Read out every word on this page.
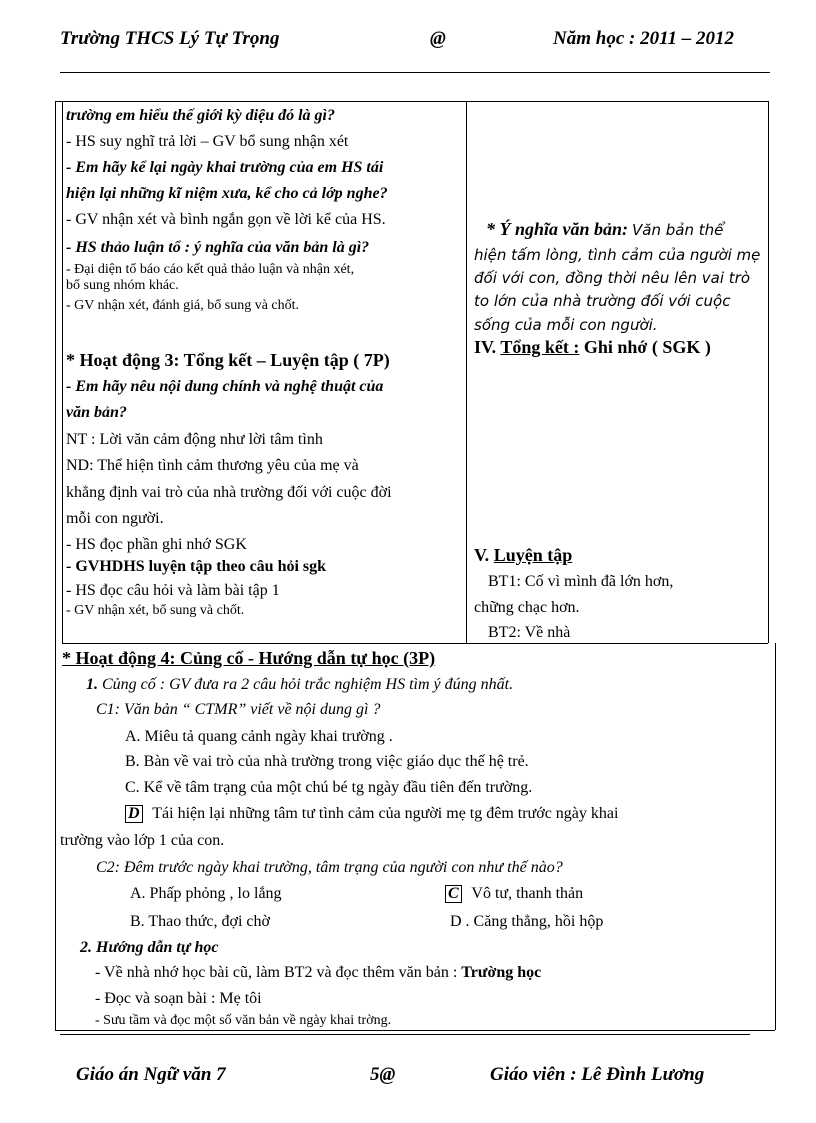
Trường THCS Lý Tự Trọng	@	Năm học : 2011 – 2012
trường em hiểu thế giới kỳ diệu đó là gì?
- HS suy nghĩ trả lời – GV bổ sung nhận xét
- Em hãy kể lại ngày khai trường của em HS tái
hiện lại những kĩ niệm xưa, kể cho cả lớp nghe?
- GV nhận xét và bình ngắn gọn về lời kể của HS.
- HS thảo luận tổ : ý nghĩa của văn bản là gì?
- Đại diện tổ báo cáo kết quả thảo luận và nhận xét,
bổ sung nhóm khác.
- GV nhận xét, đánh giá, bổ sung và chốt.
* Hoạt động 3: Tổng kết – Luyện tập ( 7P)
- Em hãy nêu nội dung chính và nghệ thuật của
văn bản?
NT : Lời văn cảm động như lời tâm tình
ND: Thể hiện tình cảm thương yêu của mẹ và
khẳng định vai trò của nhà trường đối với cuộc đời
mỗi con người.
- HS đọc phần ghi nhớ SGK
- GVHDHS luyện tập theo câu hỏi sgk
- HS đọc câu hỏi và làm bài tập 1
- GV nhận xét, bổ sung và chốt.
* Ý nghĩa văn bản: Văn bản thể
hiện tấm lòng, tình cảm của người mẹ
đối với con, đồng thời nêu lên vai trò
to lớn của nhà trường đối với cuộc
sống của mỗi con người.
IV. Tổng kết : Ghi nhớ ( SGK )
V. Luyện tập
BT1: Cố vì mình đã lớn hơn,
chững chạc hơn.
BT2: Về nhà
* Hoạt động 4: Củng cố - Hướng dẫn tự học (3P)
1. Củng cố : GV đưa ra 2 câu hỏi trắc nghiệm HS tìm ý đúng nhất.
C1: Văn bản “ CTMR” viết về nội dung gì ?
A. Miêu tả quang cảnh ngày khai trường .
B. Bàn về vai trò của nhà trường trong việc giáo dục thế hệ trẻ.
C. Kể về tâm trạng của một chú bé tg ngày đầu tiên đến trường.
D Tái hiện lại những tâm tư tình cảm của người mẹ tg đêm trước ngày khai
trường vào lớp 1 của con.
C2: Đêm trước ngày khai trường, tâm trạng của người con như thế nào?
A. Phấp phỏng , lo lắng	C Vô tư, thanh thản
B. Thao thức, đợi chờ	D . Căng thẳng, hồi hộp
2. Hướng dẫn tự học
- Về nhà nhớ học bài cũ, làm BT2 và đọc thêm văn bản : Trường học
- Đọc và soạn bài : Mẹ tôi
- Sưu tầm và đọc một số văn bản về ngày khai trờng.
Giáo án Ngữ văn 7	5@	Giáo viên : Lê Đình Lương
